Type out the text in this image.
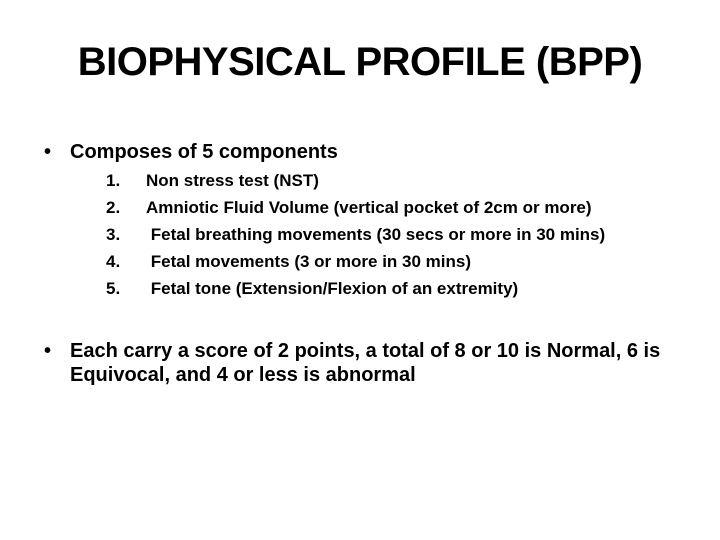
BIOPHYSICAL PROFILE (BPP)
• Composes of 5 components
1.	Non stress test (NST)
2.	Amniotic Fluid Volume (vertical pocket of 2cm or more)
3.	Fetal breathing movements (30 secs or more in 30 mins)
4.	Fetal movements (3 or more in 30 mins)
5.	Fetal tone (Extension/Flexion of an extremity)
• Each carry a score of 2 points, a total of 8 or 10 is Normal, 6 is Equivocal, and 4 or less is abnormal
